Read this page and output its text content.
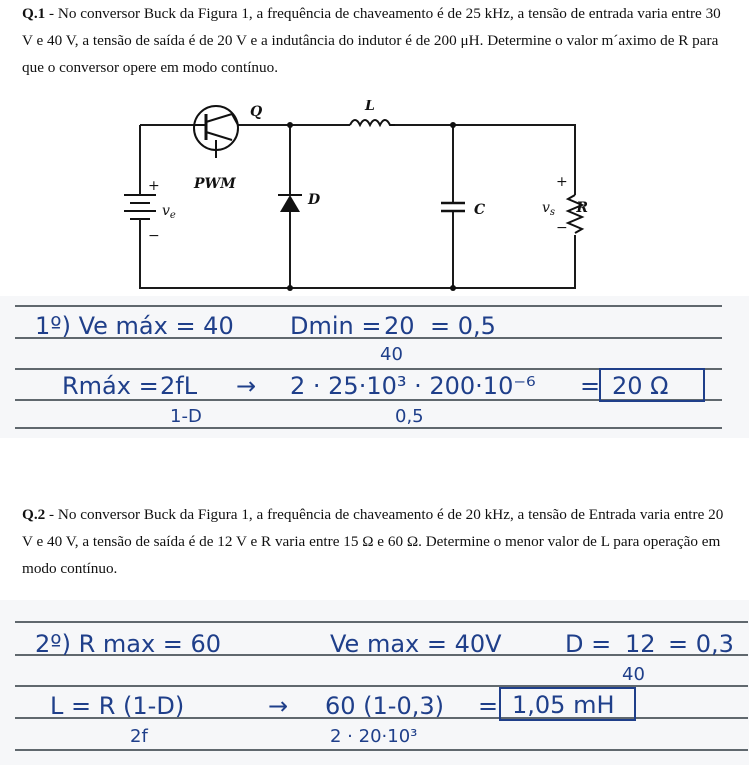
Q.1 - No conversor Buck da Figura 1, a frequência de chaveamento é de 25 kHz, a tensão de entrada varia entre 30 V e 40 V, a tensão de saída é de 20 V e a indutância do indutor é de 200 μH. Determine o valor m´aximo de R para que o conversor opere em modo contínuo.

+
−
$v_e$
Q
PWM
D
L
C	R
+
−
$v_s$
1º) Ve máx = 40 Dmin = 20 = 0,5
40
Rmáx = 2fL
1-D
→ 2 · 25·10³ · 200·10⁻⁶
0,5
= 20 Ω

Q.2 - No conversor Buck da Figura 1, a frequência de chaveamento é de 20 kHz, a tensão de Entrada varia entre 20 V e 40 V, a tensão de saída é de 12 V e R varia entre 15 Ω e 60 Ω. Determine o menor valor de L para operação em modo contínuo.

2º) R max = 60	Ve max = 40V	D = 12 = 0,3
40
L = R (1-D)
2f
→ 60 (1-0,3)
2 · 20·10³
= 1,05 mH
